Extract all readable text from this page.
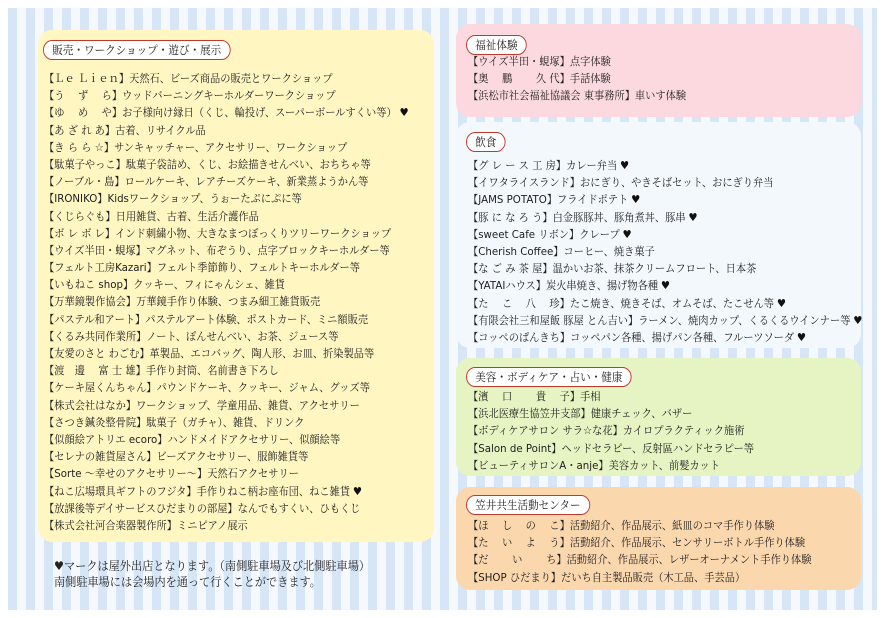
販売・ワークショップ・遊び・展示
【Ｌｅ Ｌｉｅｎ】天然石、ビーズ商品の販売とワークショップ
【う　 ず　 ら】ウッドバーニングキーホルダーワークショップ
【ゆ　 め　 や】お子様向け縁日（くじ、輪投げ、スーパーボールすくい等） ♥
【あ ざ れ あ】古着、リサイクル品
【き ら ら ☆】サンキャッチャー、アクセサリー、ワークショップ
【駄菓子やっこ】駄菓子袋詰め、くじ、お絵描きせんべい、おちちゃ等
【ノーブル・島】ロールケーキ、レアチーズケーキ、新業蒸ようかん等
【IRONIKO】Kidsワークショップ、うぉーたぷにぷに等
【くじらぐも】日用雑貨、古着、生活介護作品
【ボ レ ボ レ】インド刺繍小物、大きなまつぼっくりツリーワークショップ
【ウイズ半田・蜆塚】マグネット、布ぞうり、点字ブロックキーホルダー等
【フェルト工房Kazari】フェルト季節飾り、フェルトキーホルダー等
【いもねこ shop】クッキー、フィにゃんシェ、雑貨
【万華鏡製作協会】万華鏡手作り体験、つまみ細工雑貨販売
【パステル和アート】パステルアート体験、ポストカード、ミニ額販売
【くるみ共同作業所】ノート、ぽんせんべい、お茶、ジュース等
【友愛のさと わごむ】革製品、エコバッグ、陶人形、お皿、折染製品等
【渡　邊　 富 士 雄】手作り封筒、名前書き下ろし
【ケーキ屋くんちゃん】パウンドケーキ、クッキー、ジャム、グッズ等
【株式会社はなか】ワークショップ、学童用品、雑貨、アクセサリー
【さつき鍼灸整骨院】駄菓子（ガチャ）、雑貨、ドリンク
【似顔絵アトリエ ecoro】ハンドメイドアクセサリー、似顔絵等
【セレナの雑貨屋さん】ビーズアクセサリー、服飾雑貨等
【Sorte ～幸せのアクセサリー～】天然石アクセサリー
【ねこ広場環具ギフトのフジタ】手作りねこ柄お座布団、ねこ雑貨 ♥
【放課後等デイサービスひだまりの部屋】なんでもすくい、ひもくじ
【株式会社河合楽器製作所】ミニピアノ展示
福祉体験
【ウイズ半田・蜆塚】点字体験
【奥　 鵬　　 久 代】手話体験
【浜松市社会福祉協議会 東事務所】車いす体験
飲食
【グ レ ー ス 工 房】カレー弁当 ♥
【イワタライスランド】おにぎり、やきそばセット、おにぎり弁当
【JAMS POTATO】フライドポテト ♥
【豚 に な ろ う】白金豚豚丼、豚角煮丼、豚串 ♥
【sweet Cafe リボン】クレープ ♥
【Cherish Coffee】コーヒー、焼き菓子
【な ご み 茶 屋】温かいお茶、抹茶クリームフロート、日本茶
【YATAIハウス】炭火串焼き、揚げ物各種 ♥
【た　 こ　 八　 珍】たこ焼き、焼きそば、オムそば、たこせん等 ♥
【有限会社三和屋飯 豚屋 とん吉い】ラーメン、焼肉カップ、くるくるウインナー等 ♥
【コッペのぱんきち】コッペパン各種、揚げパン各種、フルーツソーダ ♥
美容・ボディケア・占い・健康
【濱　 口　　 貴　 子】手相
【浜北医療生協笠井支部】健康チェック、バザー
【ボディケアサロン サラ☆な花】カイロプラクティック施術
【Salon de Point】ヘッドセラピー、反射區ハンドセラピー等
【ビューティサロンA・anje】美容カット、前髪カット
笠井共生活動センター
【ほ　 し　 の　 こ】活動紹介、作品展示、紙皿のコマ手作り体験
【た　 い　 よ　 う】活動紹介、作品展示、センサリーボトル手作り体験
【だ　　 い　　 ち】活動紹介、作品展示、レザーオーナメント手作り体験
【SHOP ひだまり】だいち自主製品販売（木工品、手芸品）
♥マークは屋外出店となります。（南側駐車場及び北側駐車場）
南側駐車場には会場内を通って行くことができます。
